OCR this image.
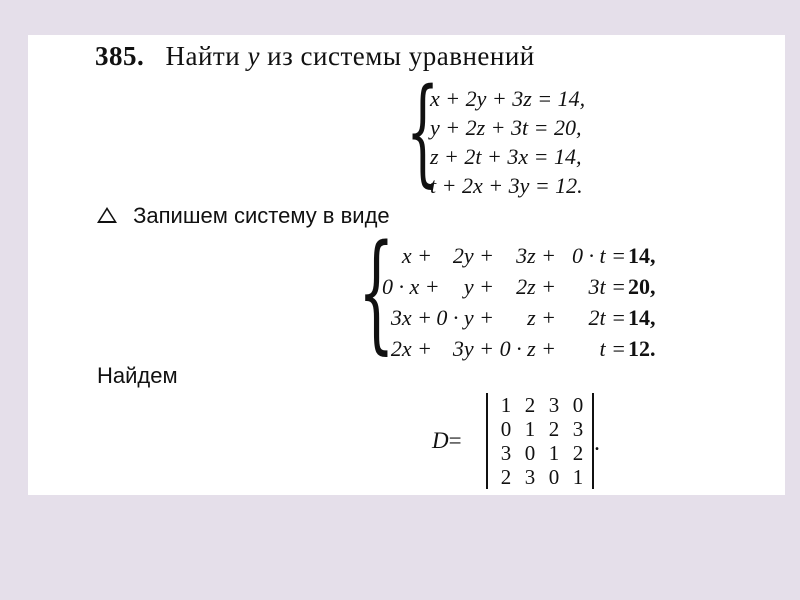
385. Найти y из системы уравнений
{
x + 2y + 3z = 14,
y + 2z + 3t = 20,
z + 2t + 3x = 14,
t + 2x + 3y = 12.
Запишем систему в виде
{ x + 2y + 3z + 0 · t =14,
0 · x + y + 2z + 3t =20,
3x + 0 · y + z + 2t =14,
2x + 3y + 0 · z + t =12.
Найдем
D=
1 2 3 0
0 1 2 3
3 0 1 2
2 3 0 1
.
